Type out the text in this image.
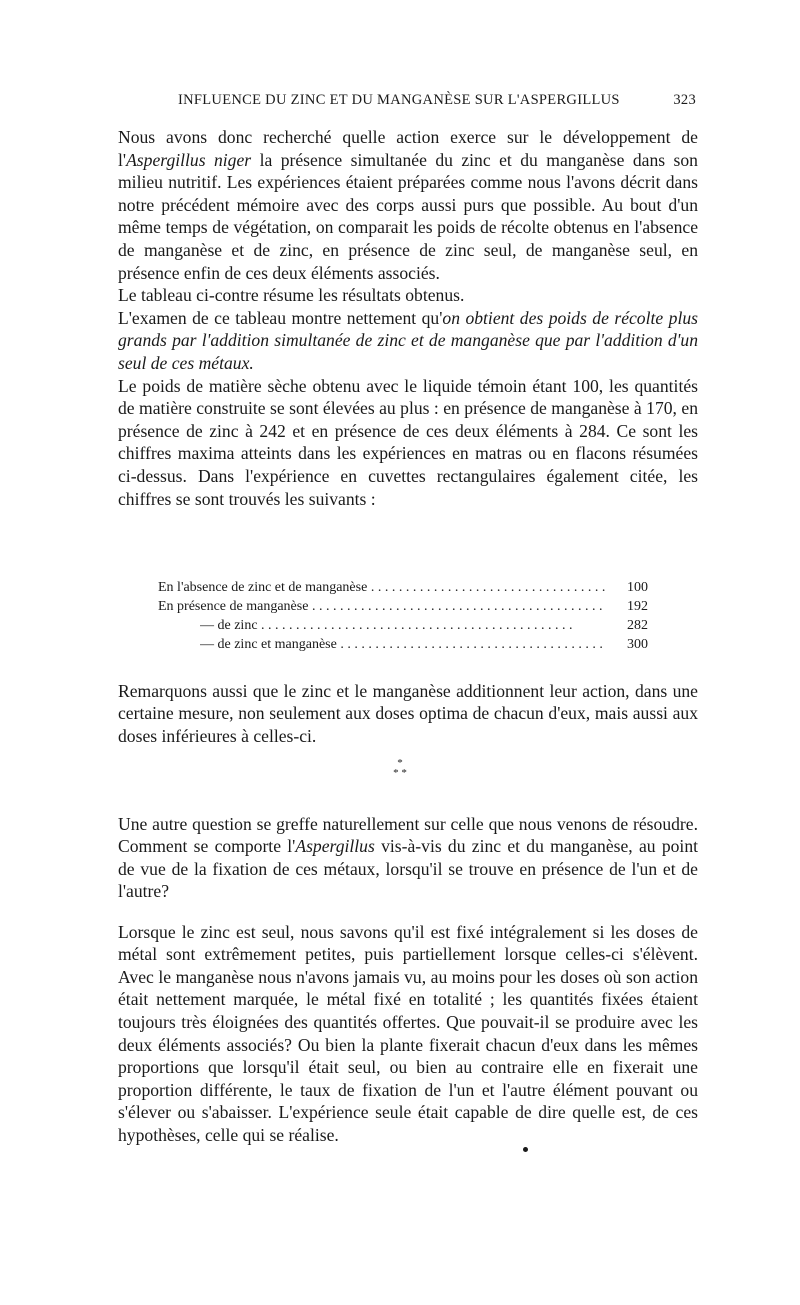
INFLUENCE DU ZINC ET DU MANGANÈSE SUR L'ASPERGILLUS	323

Nous avons donc recherché quelle action exerce sur le développement de l'Aspergillus niger la présence simultanée du zinc et du manganèse dans son milieu nutritif. Les expériences étaient préparées comme nous l'avons décrit dans notre précédent mémoire avec des corps aussi purs que possible. Au bout d'un même temps de végétation, on comparait les poids de récolte obtenus en l'absence de manganèse et de zinc, en présence de zinc seul, de manganèse seul, en présence enfin de ces deux éléments associés.

Le tableau ci-contre résume les résultats obtenus.

L'examen de ce tableau montre nettement qu'on obtient des poids de récolte plus grands par l'addition simultanée de zinc et de manganèse que par l'addition d'un seul de ces métaux.

Le poids de matière sèche obtenu avec le liquide témoin étant 100, les quantités de matière construite se sont élevées au plus : en présence de manganèse à 170, en présence de zinc à 242 et en présence de ces deux éléments à 284. Ce sont les chiffres maxima atteints dans les expériences en matras ou en flacons résumées ci-dessus. Dans l'expérience en cuvettes rectangulaires également citée, les chiffres se sont trouvés les suivants :

En l'absence de zinc et de manganèse . . .	100
En présence de manganèse . . .	192
— de zinc . . .	282
— de zinc et manganèse . . .	300

Remarquons aussi que le zinc et le manganèse additionnent leur action, dans une certaine mesure, non seulement aux doses optima de chacun d'eux, mais aussi aux doses inférieures à celles-ci.

*
* *

Une autre question se greffe naturellement sur celle que nous venons de résoudre. Comment se comporte l'Aspergillus vis-à-vis du zinc et du manganèse, au point de vue de la fixation de ces métaux, lorsqu'il se trouve en présence de l'un et de l'autre?

Lorsque le zinc est seul, nous savons qu'il est fixé intégralement si les doses de métal sont extrêmement petites, puis partiellement lorsque celles-ci s'élèvent. Avec le manganèse nous n'avons jamais vu, au moins pour les doses où son action était nettement marquée, le métal fixé en totalité ; les quantités fixées étaient toujours très éloignées des quantités offertes. Que pouvait-il se produire avec les deux éléments associés? Ou bien la plante fixerait chacun d'eux dans les mêmes proportions que lorsqu'il était seul, ou bien au contraire elle en fixerait une proportion différente, le taux de fixation de l'un et l'autre élément pouvant ou s'élever ou s'abaisser. L'expérience seule était capable de dire quelle est, de ces hypothèses, celle qui se réalise.
